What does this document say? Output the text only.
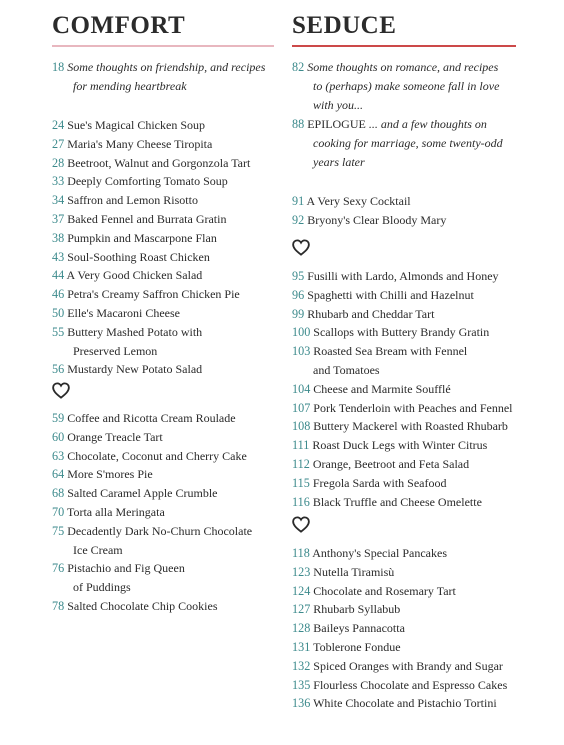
COMFORT
18 Some thoughts on friendship, and recipes
for mending heartbreak
24 Sue's Magical Chicken Soup
27 Maria's Many Cheese Tiropita
28 Beetroot, Walnut and Gorgonzola Tart
33 Deeply Comforting Tomato Soup
34 Saffron and Lemon Risotto
37 Baked Fennel and Burrata Gratin
38 Pumpkin and Mascarpone Flan
43 Soul-Soothing Roast Chicken
44 A Very Good Chicken Salad
46 Petra's Creamy Saffron Chicken Pie
50 Elle's Macaroni Cheese
55 Buttery Mashed Potato with
Preserved Lemon
56 Mustardy New Potato Salad
59 Coffee and Ricotta Cream Roulade
60 Orange Treacle Tart
63 Chocolate, Coconut and Cherry Cake
64 More S'mores Pie
68 Salted Caramel Apple Crumble
70 Torta alla Meringata
75 Decadently Dark No-Churn Chocolate
Ice Cream
76 Pistachio and Fig Queen
of Puddings
78 Salted Chocolate Chip Cookies
SEDUCE
82 Some thoughts on romance, and recipes
to (perhaps) make someone fall in love
with you...
88 EPILOGUE ... and a few thoughts on
cooking for marriage, some twenty-odd
years later
91 A Very Sexy Cocktail
92 Bryony's Clear Bloody Mary
95 Fusilli with Lardo, Almonds and Honey
96 Spaghetti with Chilli and Hazelnut
99 Rhubarb and Cheddar Tart
100 Scallops with Buttery Brandy Gratin
103 Roasted Sea Bream with Fennel
and Tomatoes
104 Cheese and Marmite Soufflé
107 Pork Tenderloin with Peaches and Fennel
108 Buttery Mackerel with Roasted Rhubarb
111 Roast Duck Legs with Winter Citrus
112 Orange, Beetroot and Feta Salad
115 Fregola Sarda with Seafood
116 Black Truffle and Cheese Omelette
118 Anthony's Special Pancakes
123 Nutella Tiramisù
124 Chocolate and Rosemary Tart
127 Rhubarb Syllabub
128 Baileys Pannacotta
131 Toblerone Fondue
132 Spiced Oranges with Brandy and Sugar
135 Flourless Chocolate and Espresso Cakes
136 White Chocolate and Pistachio Tortini
